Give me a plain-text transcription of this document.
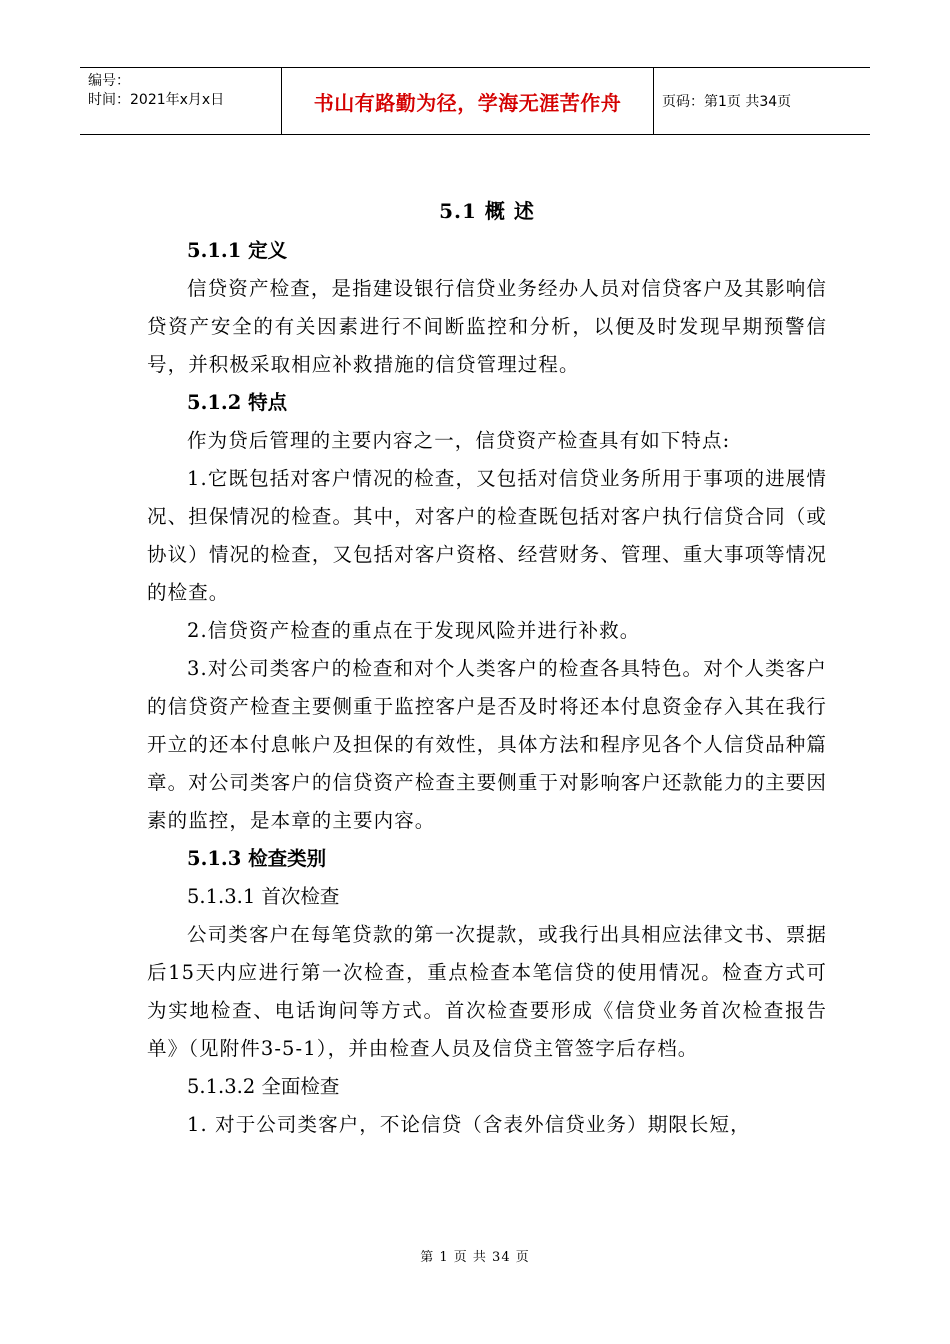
编号：
时间：2021年x月x日	书山有路勤为径，学海无涯苦作舟	页码：第1页 共34页
5.1 概 述
5.1.1 定义
信贷资产检查，是指建设银行信贷业务经办人员对信贷客户及其影响信贷资产安全的有关因素进行不间断监控和分析，以便及时发现早期预警信号，并积极采取相应补救措施的信贷管理过程。
5.1.2 特点
作为贷后管理的主要内容之一，信贷资产检查具有如下特点:
1.它既包括对客户情况的检查，又包括对信贷业务所用于事项的进展情况、担保情况的检查。其中，对客户的检查既包括对客户执行信贷合同（或协议）情况的检查，又包括对客户资格、经营财务、管理、重大事项等情况的检查。
2.信贷资产检查的重点在于发现风险并进行补救。
3.对公司类客户的检查和对个人类客户的检查各具特色。对个人类客户的信贷资产检查主要侧重于监控客户是否及时将还本付息资金存入其在我行开立的还本付息帐户及担保的有效性，具体方法和程序见各个人信贷品种篇章。对公司类客户的信贷资产检查主要侧重于对影响客户还款能力的主要因素的监控，是本章的主要内容。
5.1.3 检查类别
5.1.3.1 首次检查
公司类客户在每笔贷款的第一次提款，或我行出具相应法律文书、票据后15天内应进行第一次检查，重点检查本笔信贷的使用情况。检查方式可为实地检查、电话询问等方式。首次检查要形成《信贷业务首次检查报告单》（见附件3-5-1），并由检查人员及信贷主管签字后存档。
5.1.3.2 全面检查
1. 对于公司类客户，不论信贷（含表外信贷业务）期限长短，
第 1 页 共 34 页
